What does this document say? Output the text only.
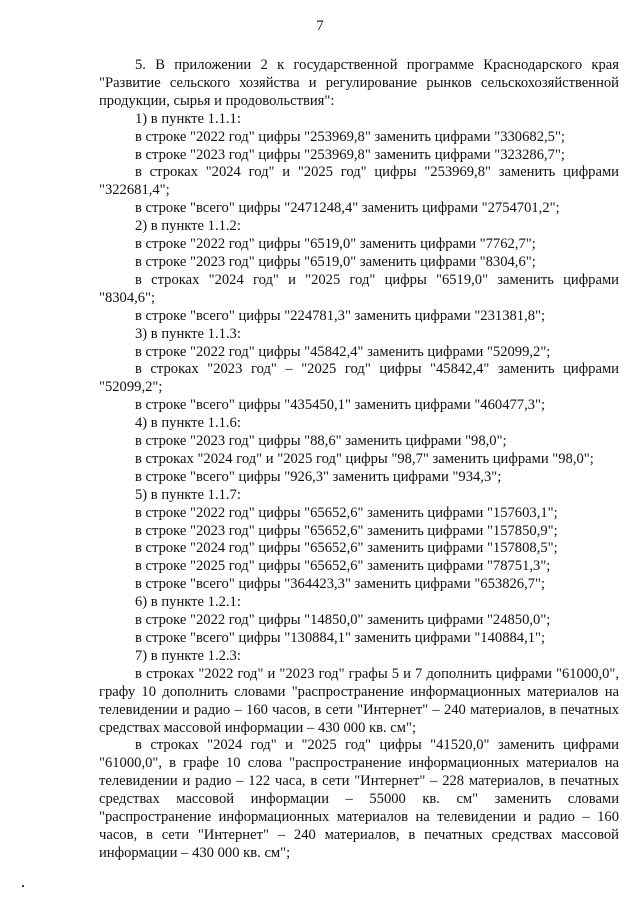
7

5. В приложении 2 к государственной программе Краснодарского края

"Развитие сельского хозяйства и регулирование рынков сельскохозяйственной продукции, сырья и продовольствия":

1) в пункте 1.1.1:

в строке "2022 год" цифры "253969,8" заменить цифрами "330682,5";

в строке "2023 год" цифры "253969,8" заменить цифрами "323286,7";

в строках "2024 год" и "2025 год" цифры "253969,8" заменить цифрами

"322681,4";

в строке "всего" цифры "2471248,4" заменить цифрами "2754701,2";

2) в пункте 1.1.2:

в строке "2022 год" цифры "6519,0" заменить цифрами "7762,7";

в строке "2023 год" цифры "6519,0" заменить цифрами "8304,6";

в строках "2024 год" и "2025 год" цифры "6519,0" заменить цифрами

"8304,6";

в строке "всего" цифры "224781,3" заменить цифрами "231381,8";

3) в пункте 1.1.3:

в строке "2022 год" цифры "45842,4" заменить цифрами "52099,2";

в строках "2023 год" – "2025 год" цифры "45842,4" заменить цифрами

"52099,2";

в строке "всего" цифры "435450,1" заменить цифрами "460477,3";

4) в пункте 1.1.6:

в строке "2023 год" цифры "88,6" заменить цифрами "98,0";

в строках "2024 год" и "2025 год" цифры "98,7" заменить цифрами "98,0";

в строке "всего" цифры "926,3" заменить цифрами "934,3";

5) в пункте 1.1.7:

в строке "2022 год" цифры "65652,6" заменить цифрами "157603,1";

в строке "2023 год" цифры "65652,6" заменить цифрами "157850,9";

в строке "2024 год" цифры "65652,6" заменить цифрами "157808,5";

в строке "2025 год" цифры "65652,6" заменить цифрами "78751,3";

в строке "всего" цифры "364423,3" заменить цифрами "653826,7";

6) в пункте 1.2.1:

в строке "2022 год" цифры "14850,0" заменить цифрами "24850,0";

в строке "всего" цифры "130884,1" заменить цифрами "140884,1";

7) в пункте 1.2.3:

в строках "2022 год" и "2023 год" графы 5 и 7 дополнить цифрами "61000,0", графу 10 дополнить словами "распространение информационных материалов на телевидении и радио – 160 часов, в сети "Интернет" – 240 материалов, в печатных средствах массовой информации – 430 000 кв. см";

в строках "2024 год" и "2025 год" цифры "41520,0" заменить цифрами "61000,0", в графе 10 слова "распространение информационных материалов на телевидении и радио – 122 часа, в сети "Интернет" – 228 материалов, в печатных средствах массовой информации – 55000 кв. см" заменить словами "распространение информационных материалов на телевидении и радио – 160 часов, в сети "Интернет" – 240 материалов, в печатных средствах массовой информации – 430 000 кв. см";
